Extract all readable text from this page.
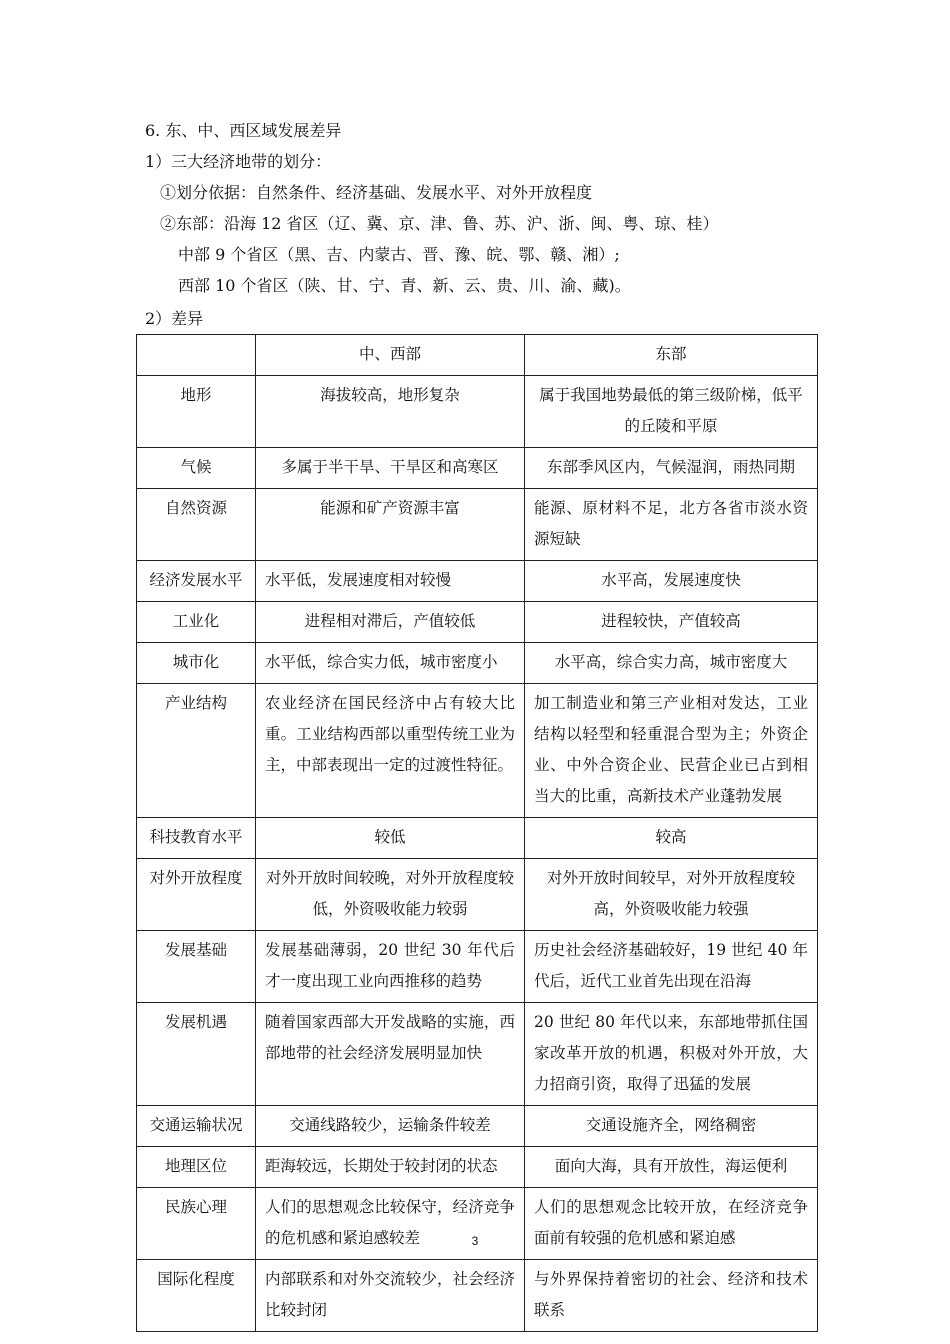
6. 东、中、西区域发展差异
1）三大经济地带的划分：
①划分依据：自然条件、经济基础、发展水平、对外开放程度
②东部：沿海 12 省区（辽、冀、京、津、鲁、苏、沪、浙、闽、粤、琼、桂）
中部 9 个省区（黑、吉、内蒙古、晋、豫、皖、鄂、赣、湘）;
西部 10 个省区（陕、甘、宁、青、新、云、贵、川、渝、藏)。
2）差异
	中、西部	东部
地形	海拔较高，地形复杂	属于我国地势最低的第三级阶梯，低平的丘陵和平原
气候	多属于半干旱、干旱区和高寒区	东部季风区内，气候湿润，雨热同期
自然资源	能源和矿产资源丰富	能源、原材料不足，北方各省市淡水资源短缺
经济发展水平	水平低，发展速度相对较慢	水平高，发展速度快
工业化	进程相对滞后，产值较低	进程较快，产值较高
城市化	水平低，综合实力低，城市密度小	水平高，综合实力高，城市密度大
产业结构	农业经济在国民经济中占有较大比重。工业结构西部以重型传统工业为主，中部表现出一定的过渡性特征。	加工制造业和第三产业相对发达，工业结构以轻型和轻重混合型为主；外资企业、中外合资企业、民营企业已占到相当大的比重，高新技术产业蓬勃发展
科技教育水平	较低	较高
对外开放程度	对外开放时间较晚，对外开放程度较低，外资吸收能力较弱	对外开放时间较早，对外开放程度较高，外资吸收能力较强
发展基础	发展基础薄弱，20 世纪 30 年代后才一度出现工业向西推移的趋势	历史社会经济基础较好，19 世纪 40 年代后，近代工业首先出现在沿海
发展机遇	随着国家西部大开发战略的实施，西部地带的社会经济发展明显加快	20 世纪 80 年代以来，东部地带抓住国家改革开放的机遇，积极对外开放，大力招商引资，取得了迅猛的发展
交通运输状况	交通线路较少，运输条件较差	交通设施齐全，网络稠密
地理区位	距海较远，长期处于较封闭的状态	面向大海，具有开放性，海运便利
民族心理	人们的思想观念比较保守，经济竞争的危机感和紧迫感较差	人们的思想观念比较开放，在经济竞争面前有较强的危机感和紧迫感
国际化程度	内部联系和对外交流较少，社会经济比较封闭	与外界保持着密切的社会、经济和技术联系
3
